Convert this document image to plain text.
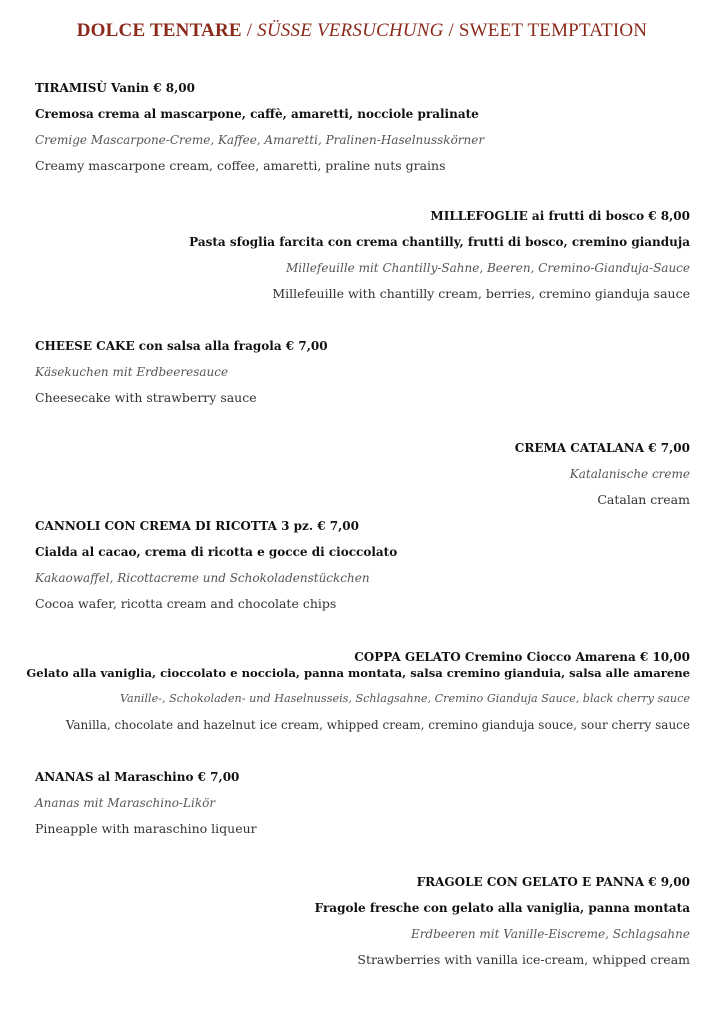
DOLCE TENTARE / SÜSSE VERSUCHUNG / SWEET TEMPTATION
TIRAMISÙ Vanin € 8,00
Cremosa crema al mascarpone, caffè, amaretti, nocciole pralinate
Cremige Mascarpone-Creme, Kaffee, Amaretti, Pralinen-Haselnusskörner
Creamy mascarpone cream, coffee, amaretti, praline nuts grains
MILLEFOGLIE ai frutti di bosco € 8,00
Pasta sfoglia farcita con crema chantilly, frutti di bosco, cremino gianduja
Millefeuille mit Chantilly-Sahne, Beeren, Cremino-Gianduja-Sauce
Millefeuille with chantilly cream, berries, cremino gianduja sauce
CHEESE CAKE con salsa alla fragola € 7,00
Käsekuchen mit Erdbeeresauce
Cheesecake with strawberry sauce
CREMA CATALANA € 7,00
Katalanische creme
Catalan cream
CANNOLI CON CREMA DI RICOTTA 3 pz. € 7,00
Cialda al cacao, crema di ricotta e gocce di cioccolato
Kakaowaffel, Ricottacreme und Schokoladenstückchen
Cocoa wafer, ricotta cream and chocolate chips
COPPA GELATO Cremino Ciocco Amarena € 10,00
Gelato alla vaniglia, cioccolato e nocciola, panna montata, salsa cremino gianduia, salsa alle amarene
Vanille-, Schokoladen- und Haselnusseis, Schlagsahne, Cremino Gianduja Sauce, black cherry sauce
Vanilla, chocolate and hazelnut ice cream, whipped cream, cremino gianduja souce, sour cherry sauce
ANANAS al Maraschino € 7,00
Ananas mit Maraschino-Likör
Pineapple with maraschino liqueur
FRAGOLE CON GELATO E PANNA € 9,00
Fragole fresche con gelato alla vaniglia, panna montata
Erdbeeren mit Vanille-Eiscreme, Schlagsahne
Strawberries with vanilla ice-cream, whipped cream
